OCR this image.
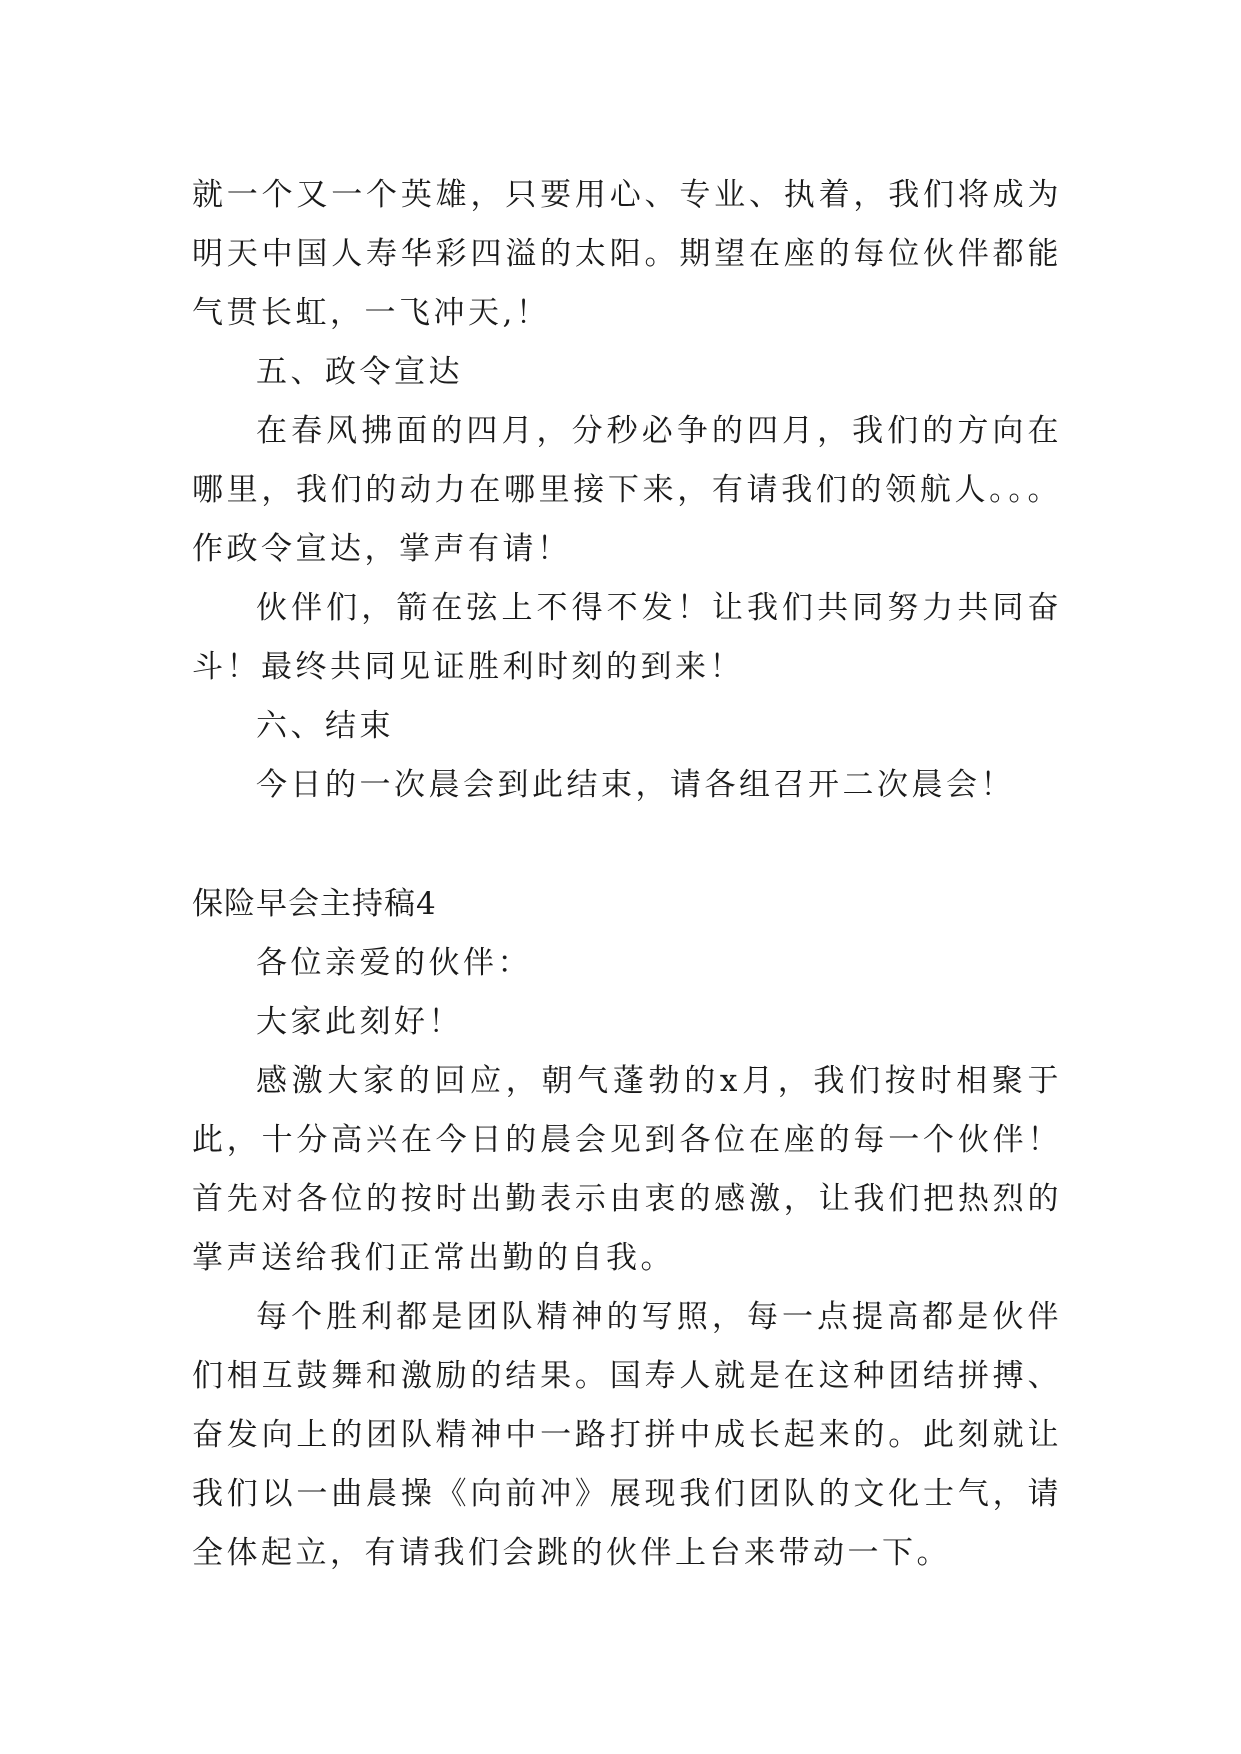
就一个又一个英雄，只要用心、专业、执着，我们将成为明天中国人寿华彩四溢的太阳。期望在座的每位伙伴都能气贯长虹，一飞冲天,！

五、政令宣达

在春风拂面的四月，分秒必争的四月，我们的方向在哪里，我们的动力在哪里接下来，有请我们的领航人。。。作政令宣达，掌声有请！

伙伴们，箭在弦上不得不发！让我们共同努力共同奋斗！最终共同见证胜利时刻的到来！

六、结束

今日的一次晨会到此结束，请各组召开二次晨会！

保险早会主持稿4

各位亲爱的伙伴：

大家此刻好！

感激大家的回应，朝气蓬勃的x月，我们按时相聚于此，十分高兴在今日的晨会见到各位在座的每一个伙伴！首先对各位的按时出勤表示由衷的感激，让我们把热烈的掌声送给我们正常出勤的自我。

每个胜利都是团队精神的写照，每一点提高都是伙伴们相互鼓舞和激励的结果。国寿人就是在这种团结拼搏、奋发向上的团队精神中一路打拼中成长起来的。此刻就让我们以一曲晨操《向前冲》展现我们团队的文化士气，请全体起立，有请我们会跳的伙伴上台来带动一下。
